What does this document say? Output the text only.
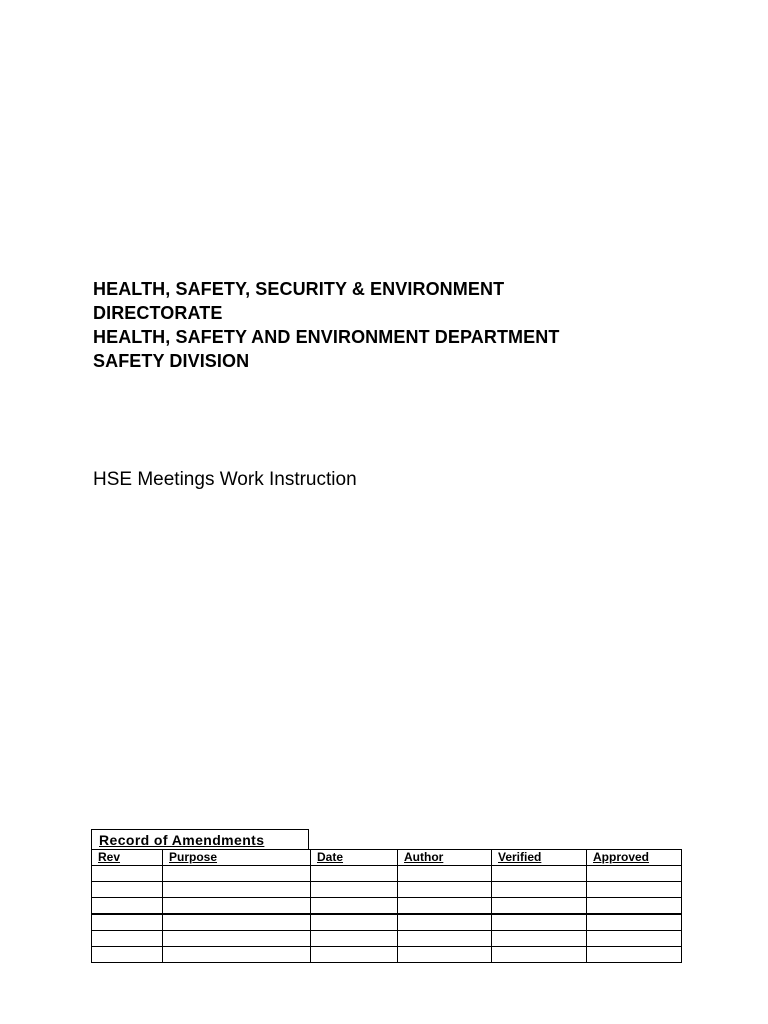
HEALTH, SAFETY, SECURITY & ENVIRONMENT
DIRECTORATE
HEALTH, SAFETY AND ENVIRONMENT DEPARTMENT
SAFETY DIVISION
HSE Meetings Work Instruction
Record of Amendments
Rev	Purpose	Date	Author	Verified	Approved
